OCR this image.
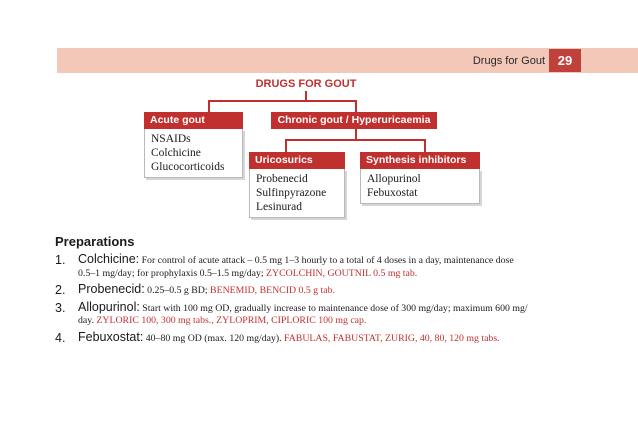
Drugs for Gout 29
DRUGS FOR GOUT
Acute gout
NSAIDs
Colchicine
Glucocorticoids
Chronic gout / Hyperuricaemia
Uricosurics
Probenecid
Sulfinpyrazone
Lesinurad
Synthesis inhibitors
Allopurinol
Febuxostat
Preparations
1. Colchicine: For control of acute attack – 0.5 mg 1–3 hourly to a total of 4 doses in a day, maintenance dose
0.5–1 mg/day; for prophylaxis 0.5–1.5 mg/day; ZYCOLCHIN, GOUTNIL 0.5 mg tab.
2. Probenecid: 0.25–0.5 g BD; BENEMID, BENCID 0.5 g tab.
3. Allopurinol: Start with 100 mg OD, gradually increase to maintenance dose of 300 mg/day; maximum 600 mg/
day. ZYLORIC 100, 300 mg tabs., ZYLOPRIM, CIPLORIC 100 mg cap.
4. Febuxostat: 40–80 mg OD (max. 120 mg/day). FABULAS, FABUSTAT, ZURIG, 40, 80, 120 mg tabs.
